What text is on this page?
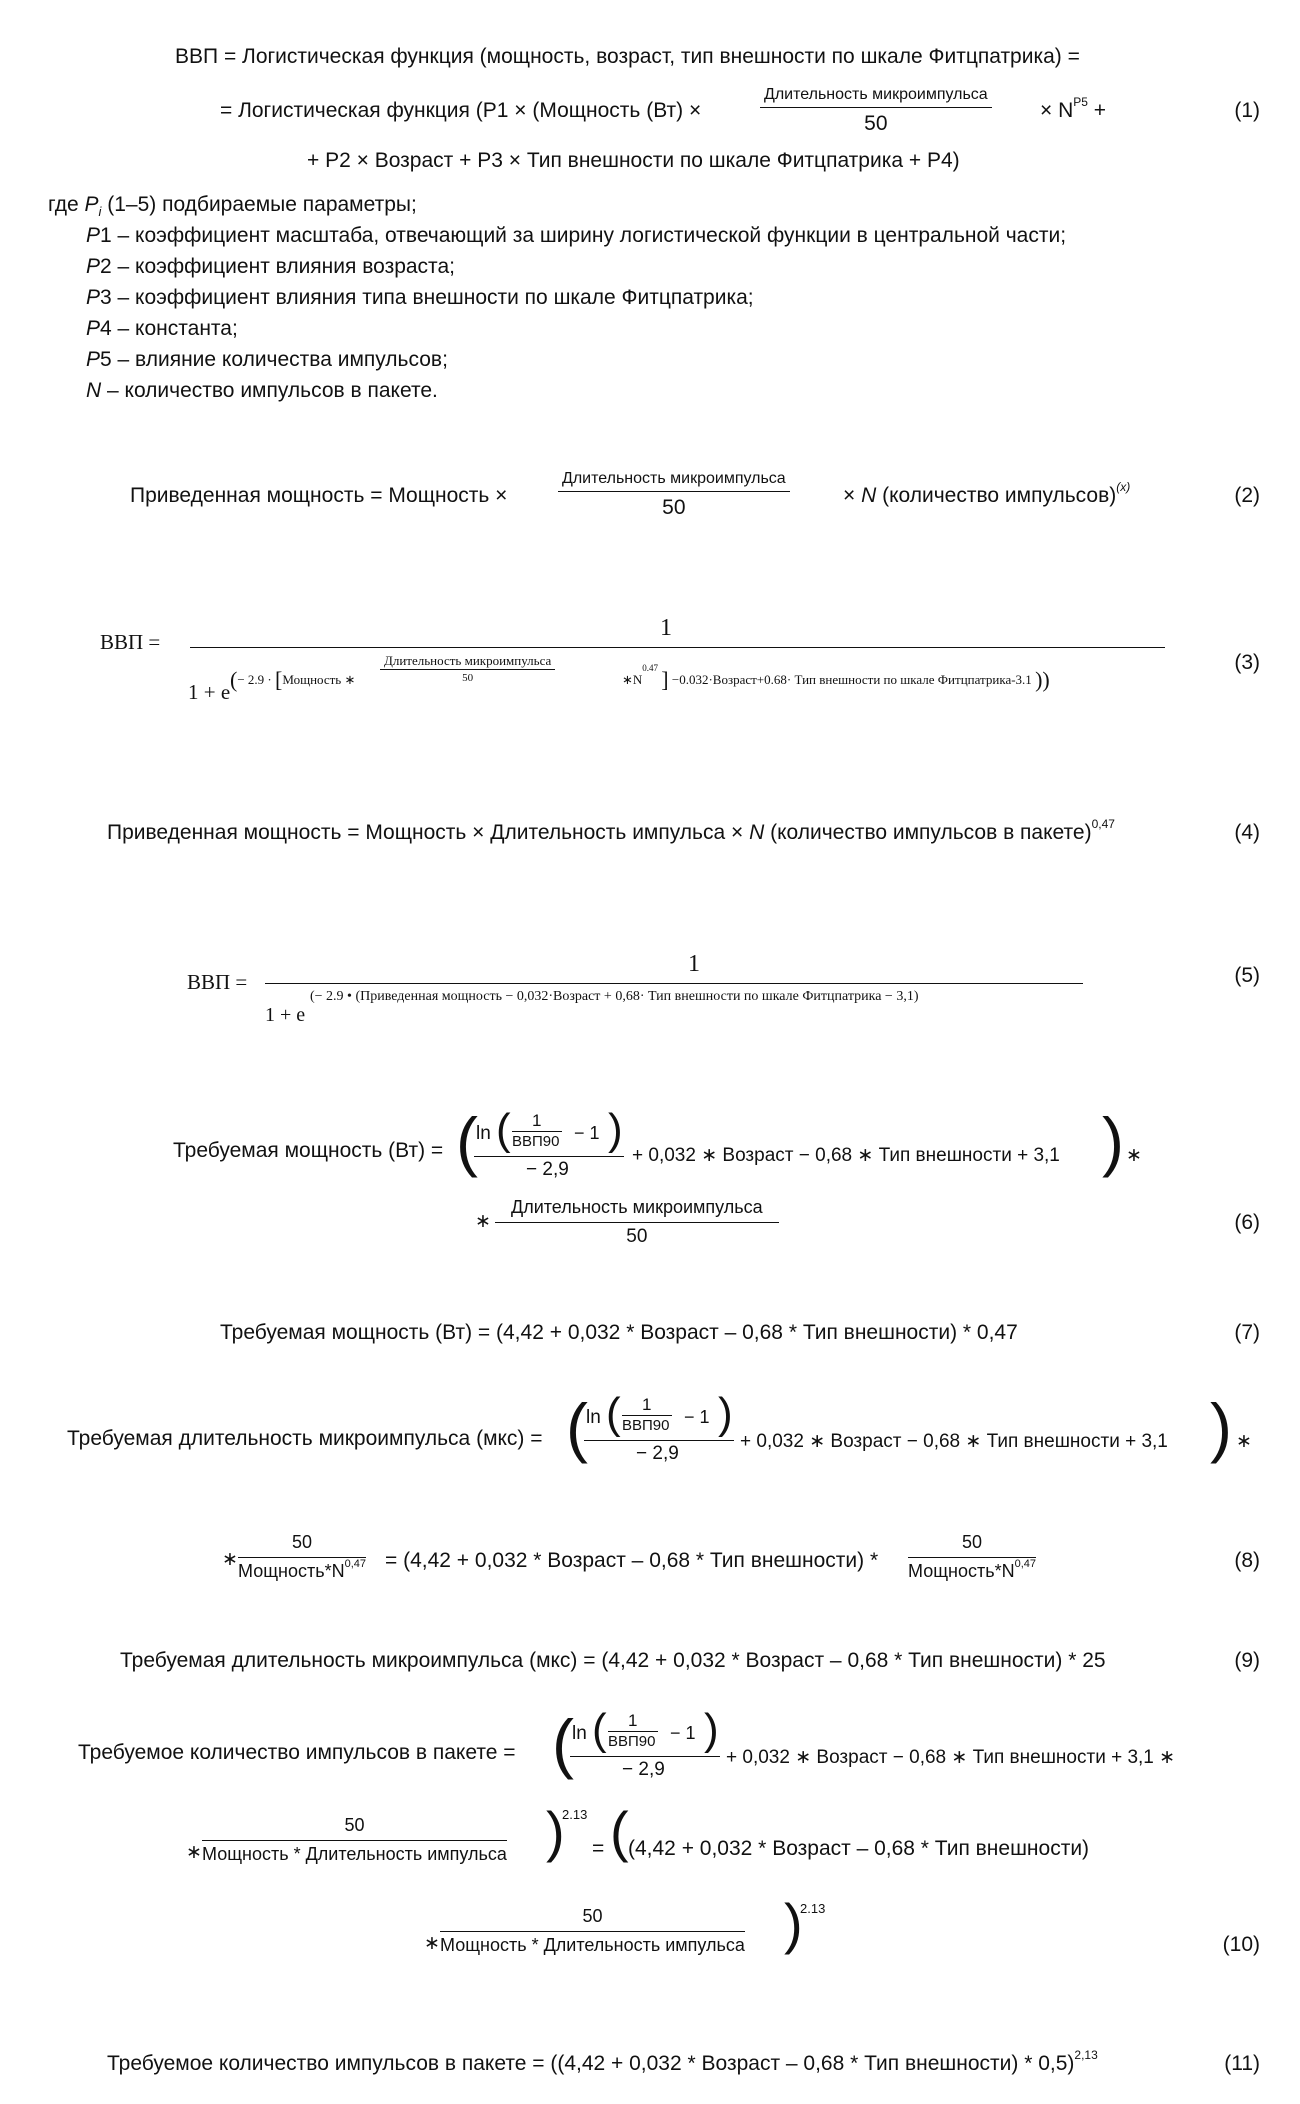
ВВП = Логистическая функция (мощность, возраст, тип внешности по шкале Фитцпатрика) =
= Логистическая функция (Р1 × (Мощность (Вт) ×
Длительность микроимпульса
50
× $N^{P5}$ +	(1)
+ Р2 × Возраст + Р3 × Тип внешности по шкале Фитцпатрика + Р4)
где $P_i$ (1–5) подбираемые параметры;
P1 – коэффициент масштаба, отвечающий за ширину логистической функции в центральной части;
P2 – коэффициент влияния возраста;
P3 – коэффициент влияния типа внешности по шкале Фитцпатрика;
P4 – константа;
P5 – влияние количества импульсов;
N – количество импульсов в пакете.
Приведенная мощность = Мощность ×
Длительность микроимпульса
50
× N (количество импульсов)$^{(x)}$	(2)
ВВП =
1
1 + e (− 2.9 · [Мощность ∗
Длительность микроимпульса
50	$∗N^{0.47}$ ] −0.032·Возраст+0.68· Тип внешности по шкале Фитцпатрика-3.1 ))
(3)
Приведенная мощность = Мощность × Длительность импульса × N (количество импульсов в пакете)$^{0,47}$	(4)
ВВП =
1
1 + e
(− 2.9 • (Приведенная мощность − 0,032·Возраст + 0,68· Тип внешности по шкале Фитцпатрика − 3,1)
(5)
Требуемая мощность (Вт) = (
ln ( 1
ВВП90 − 1 )
− 2,9
+ 0,032 ∗ Возраст − 0,68 ∗ Тип внешности + 3,1 ) ∗
∗
Длительность микроимпульса
50
(6)
Требуемая мощность (Вт) = (4,42 + 0,032 * Возраст – 0,68 * Тип внешности) * 0,47	(7)
Требуемая длительность микроимпульса (мкс) = (
ln ( 1
ВВП90 − 1 )
− 2,9
+ 0,032 ∗ Возраст − 0,68 ∗ Тип внешности + 3,1 ) ∗
∗
50
$Мощность*N^{0,47} = (4,42 + 0,032$ * Возраст – 0,68 * Тип внешности) *
50
$Мощность*N^{0,47}$	(8)
Требуемая длительность микроимпульса (мкс) = (4,42 + 0,032 * Возраст – 0,68 * Тип внешности) * 25	(9)
Требуемое количество импульсов в пакете = (
ln ( 1
ВВП90 − 1 )
− 2,9
+ 0,032 ∗ Возраст − 0,68 ∗ Тип внешности + 3,1 ∗
∗
50
Мощность * Длительность импульса )
2.13
= ( (4,42 + 0,032 * Возраст – 0,68 * Тип внешности)
∗
50
Мощность * Длительность импульса )
2.13
(10)
Требуемое количество импульсов в пакете = ((4,42 + 0,032 * Возраст – 0,68 * Тип внешности) * 0,5)$^{2,13}$	(11)
